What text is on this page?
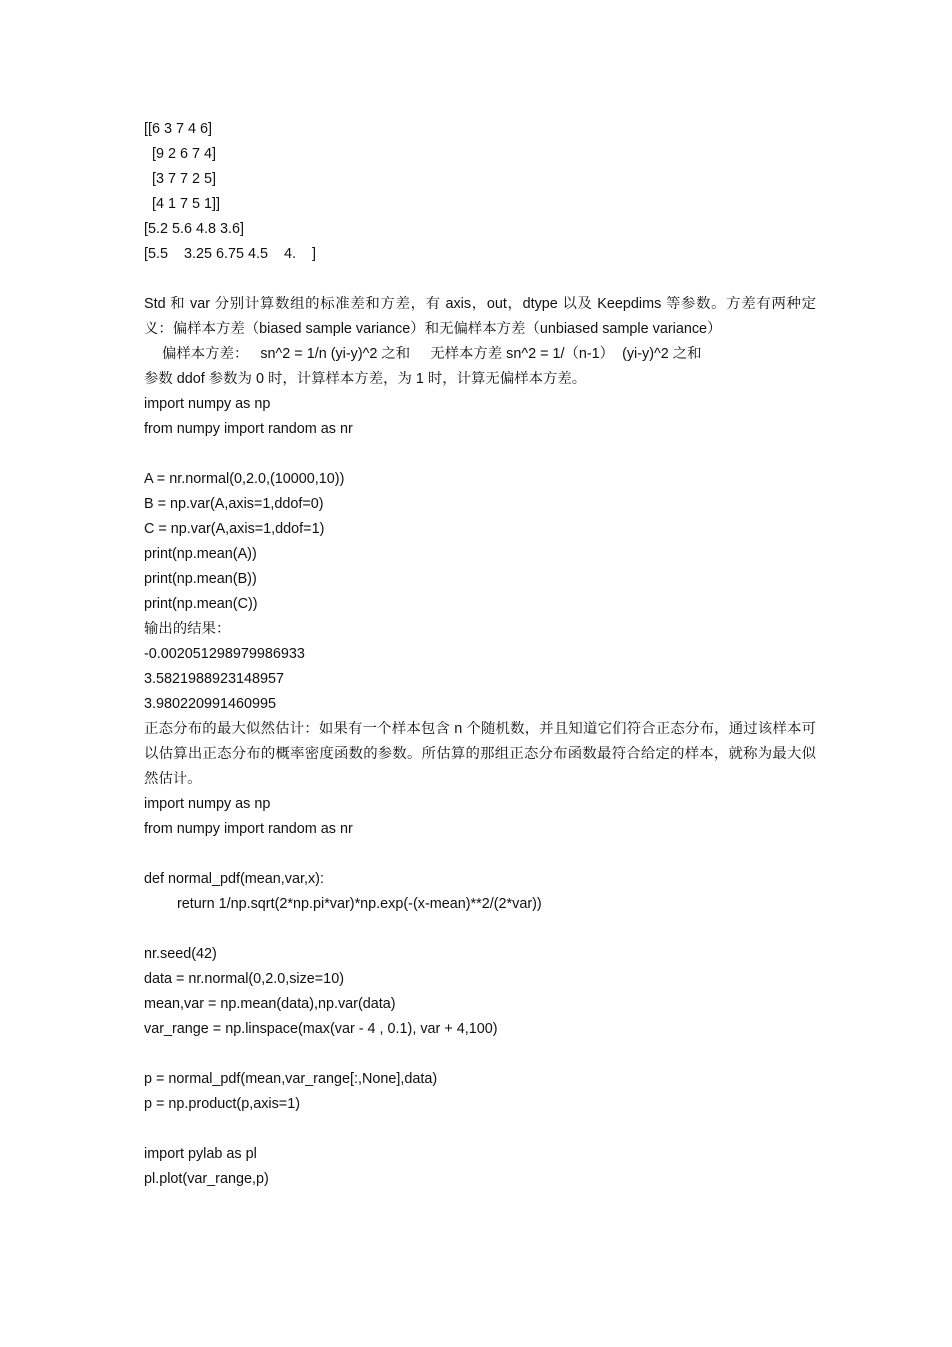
[[6 3 7 4 6]
[9 2 6 7 4]
[3 7 7 2 5]
[4 1 7 5 1]]
[5.2 5.6 4.8 3.6]
[5.5    3.25 6.75 4.5    4.    ]
Std 和 var 分别计算数组的标准差和方差，有 axis，out，dtype 以及 Keepdims 等参数。方差有两种定义：偏样本方差（biased sample variance）和无偏样本方差（unbiased sample variance）
偏样本方差：   sn^2 = 1/n (yi-y)^2 之和     无样本方差 sn^2 = 1/（n-1）  (yi-y)^2 之和
参数 ddof 参数为 0 时，计算样本方差，为 1 时，计算无偏样本方差。
import numpy as np
from numpy import random as nr
A = nr.normal(0,2.0,(10000,10))
B = np.var(A,axis=1,ddof=0)
C = np.var(A,axis=1,ddof=1)
print(np.mean(A))
print(np.mean(B))
print(np.mean(C))
输出的结果：
-0.002051298979986933
3.5821988923148957
3.980220991460995
正态分布的最大似然估计：如果有一个样本包含 n 个随机数，并且知道它们符合正态分布，通过该样本可以估算出正态分布的概率密度函数的参数。所估算的那组正态分布函数最符合给定的样本，就称为最大似然估计。
import numpy as np
from numpy import random as nr
def normal_pdf(mean,var,x):
return 1/np.sqrt(2*np.pi*var)*np.exp(-(x-mean)**2/(2*var))
nr.seed(42)
data = nr.normal(0,2.0,size=10)
mean,var = np.mean(data),np.var(data)
var_range = np.linspace(max(var - 4 , 0.1), var + 4,100)
p = normal_pdf(mean,var_range[:,None],data)
p = np.product(p,axis=1)
import pylab as pl
pl.plot(var_range,p)
